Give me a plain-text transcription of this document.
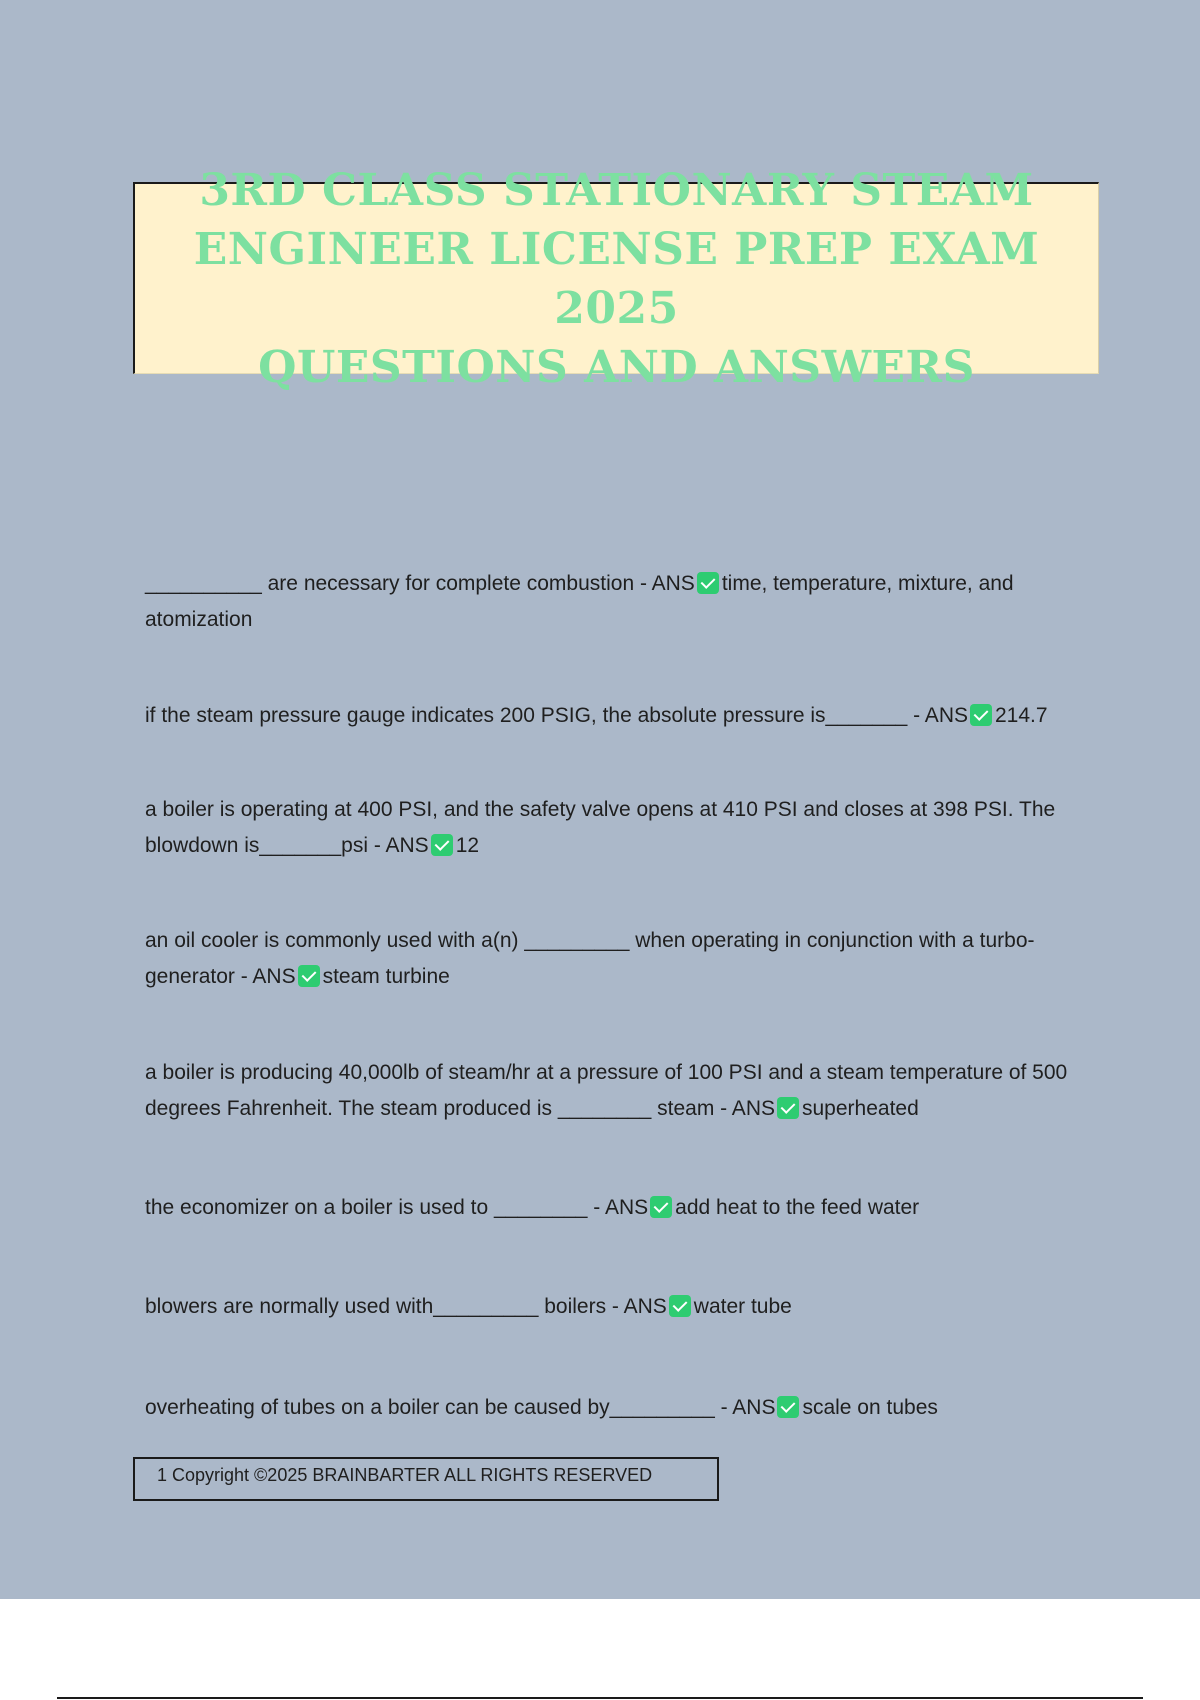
3RD CLASS STATIONARY STEAM
ENGINEER LICENSE PREP EXAM 2025
QUESTIONS AND ANSWERS

__________ are necessary for complete combustion - ANS time, temperature, mixture, and atomization

if the steam pressure gauge indicates 200 PSIG, the absolute pressure is_______ - ANS 214.7

a boiler is operating at 400 PSI, and the safety valve opens at 410 PSI and closes at 398 PSI. The blowdown is_______psi - ANS 12

an oil cooler is commonly used with a(n) _________ when operating in conjunction with a turbo-generator - ANS steam turbine

a boiler is producing 40,000lb of steam/hr at a pressure of 100 PSI and a steam temperature of 500 degrees Fahrenheit. The steam produced is ________ steam - ANS superheated

the economizer on a boiler is used to ________ - ANS add heat to the feed water

blowers are normally used with_________ boilers - ANS water tube

overheating of tubes on a boiler can be caused by_________ - ANS scale on tubes

1 Copyright ©2025 BRAINBARTER ALL RIGHTS RESERVED
